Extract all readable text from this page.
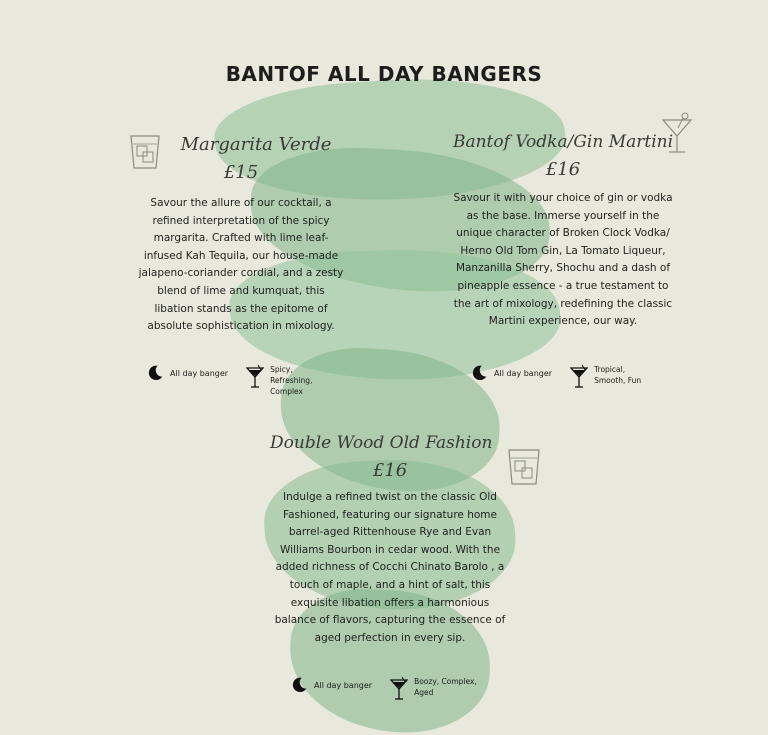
BANTOF ALL DAY BANGERS
Margarita Verde
£15
Savour the allure of our cocktail, a refined interpretation of the spicy margarita. Crafted with lime leaf-infused Kah Tequila, our house-made jalapeno-coriander cordial, and a zesty blend of lime and kumquat, this libation stands as the epitome of absolute sophistication in mixology.
All day banger	Spicy,
Refreshing,
Complex
Bantof Vodka/Gin Martini
£16
Savour it with your choice of gin or vodka as the base. Immerse yourself in the unique character of Broken Clock Vodka/ Herno Old Tom Gin, La Tomato Liqueur, Manzanilla Sherry, Shochu and a dash of pineapple essence - a true testament to the art of mixology, redefining the classic Martini experience, our way.
All day banger	Tropical,
Smooth, Fun
Double Wood Old Fashion
£16
Indulge a refined twist on the classic Old Fashioned, featuring our signature home barrel-aged Rittenhouse Rye and Evan Williams Bourbon in cedar wood. With the added richness of Cocchi Chinato Barolo , a touch of maple, and a hint of salt, this exquisite libation offers a harmonious balance of flavors, capturing the essence of aged perfection in every sip.
All day banger	Boozy, Complex,
Aged
